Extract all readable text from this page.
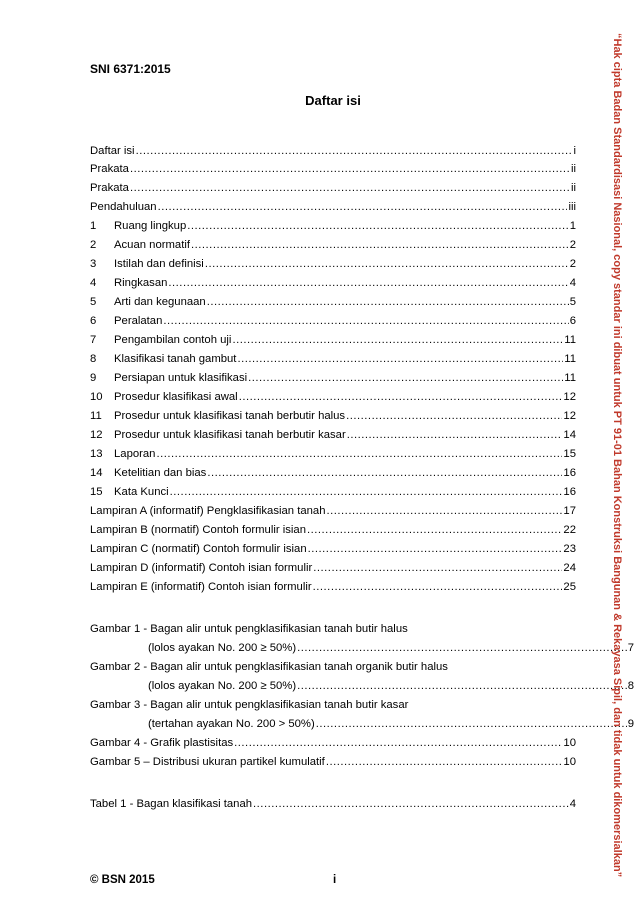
SNI 6371:2015
Daftar isi
Daftar isi .....	i
Prakata .....	ii
Prakata .....	ii
Pendahuluan .....	iii
1	Ruang lingkup .....	1
2	Acuan normatif .....	2
3	Istilah dan definisi .....	2
4	Ringkasan .....	4
5	Arti dan kegunaan .....	5
6	Peralatan .....	6
7	Pengambilan contoh uji .....	11
8	Klasifikasi tanah gambut .....	11
9	Persiapan untuk klasifikasi .....	11
10	Prosedur klasifikasi awal .....	12
11	Prosedur untuk klasifikasi tanah berbutir halus .....	12
12	Prosedur untuk klasifikasi tanah berbutir kasar .....	14
13	Laporan .....	15
14	Ketelitian dan bias .....	16
15	Kata Kunci .....	16
Lampiran A (informatif) Pengklasifikasian tanah .....	17
Lampiran B (normatif) Contoh formulir isian .....	22
Lampiran C (normatif) Contoh formulir isian .....	23
Lampiran D (informatif) Contoh isian formulir .....	24
Lampiran E (informatif) Contoh isian formulir .....	25
Gambar 1 - Bagan alir untuk pengklasifikasian tanah butir halus
(lolos ayakan No. 200 ≥ 50%) .....	7
Gambar 2 - Bagan alir untuk pengklasifikasian tanah organik butir halus
(lolos ayakan No. 200 ≥ 50%) .....	8
Gambar 3 - Bagan alir untuk pengklasifikasian tanah butir kasar
(tertahan ayakan No. 200 > 50%) .....	9
Gambar 4 - Grafik plastisitas .....	10
Gambar 5 – Distribusi ukuran partikel kumulatif .....	10
Tabel 1 - Bagan klasifikasi tanah .....	4
© BSN 2015	i
“Hak cipta Badan Standardisasi Nasional, copy standar ini dibuat untuk PT 91-01 Bahan Konstruksi Bangunan & Rekayasa Sipil, dan tidak untuk dikomersialkan”
